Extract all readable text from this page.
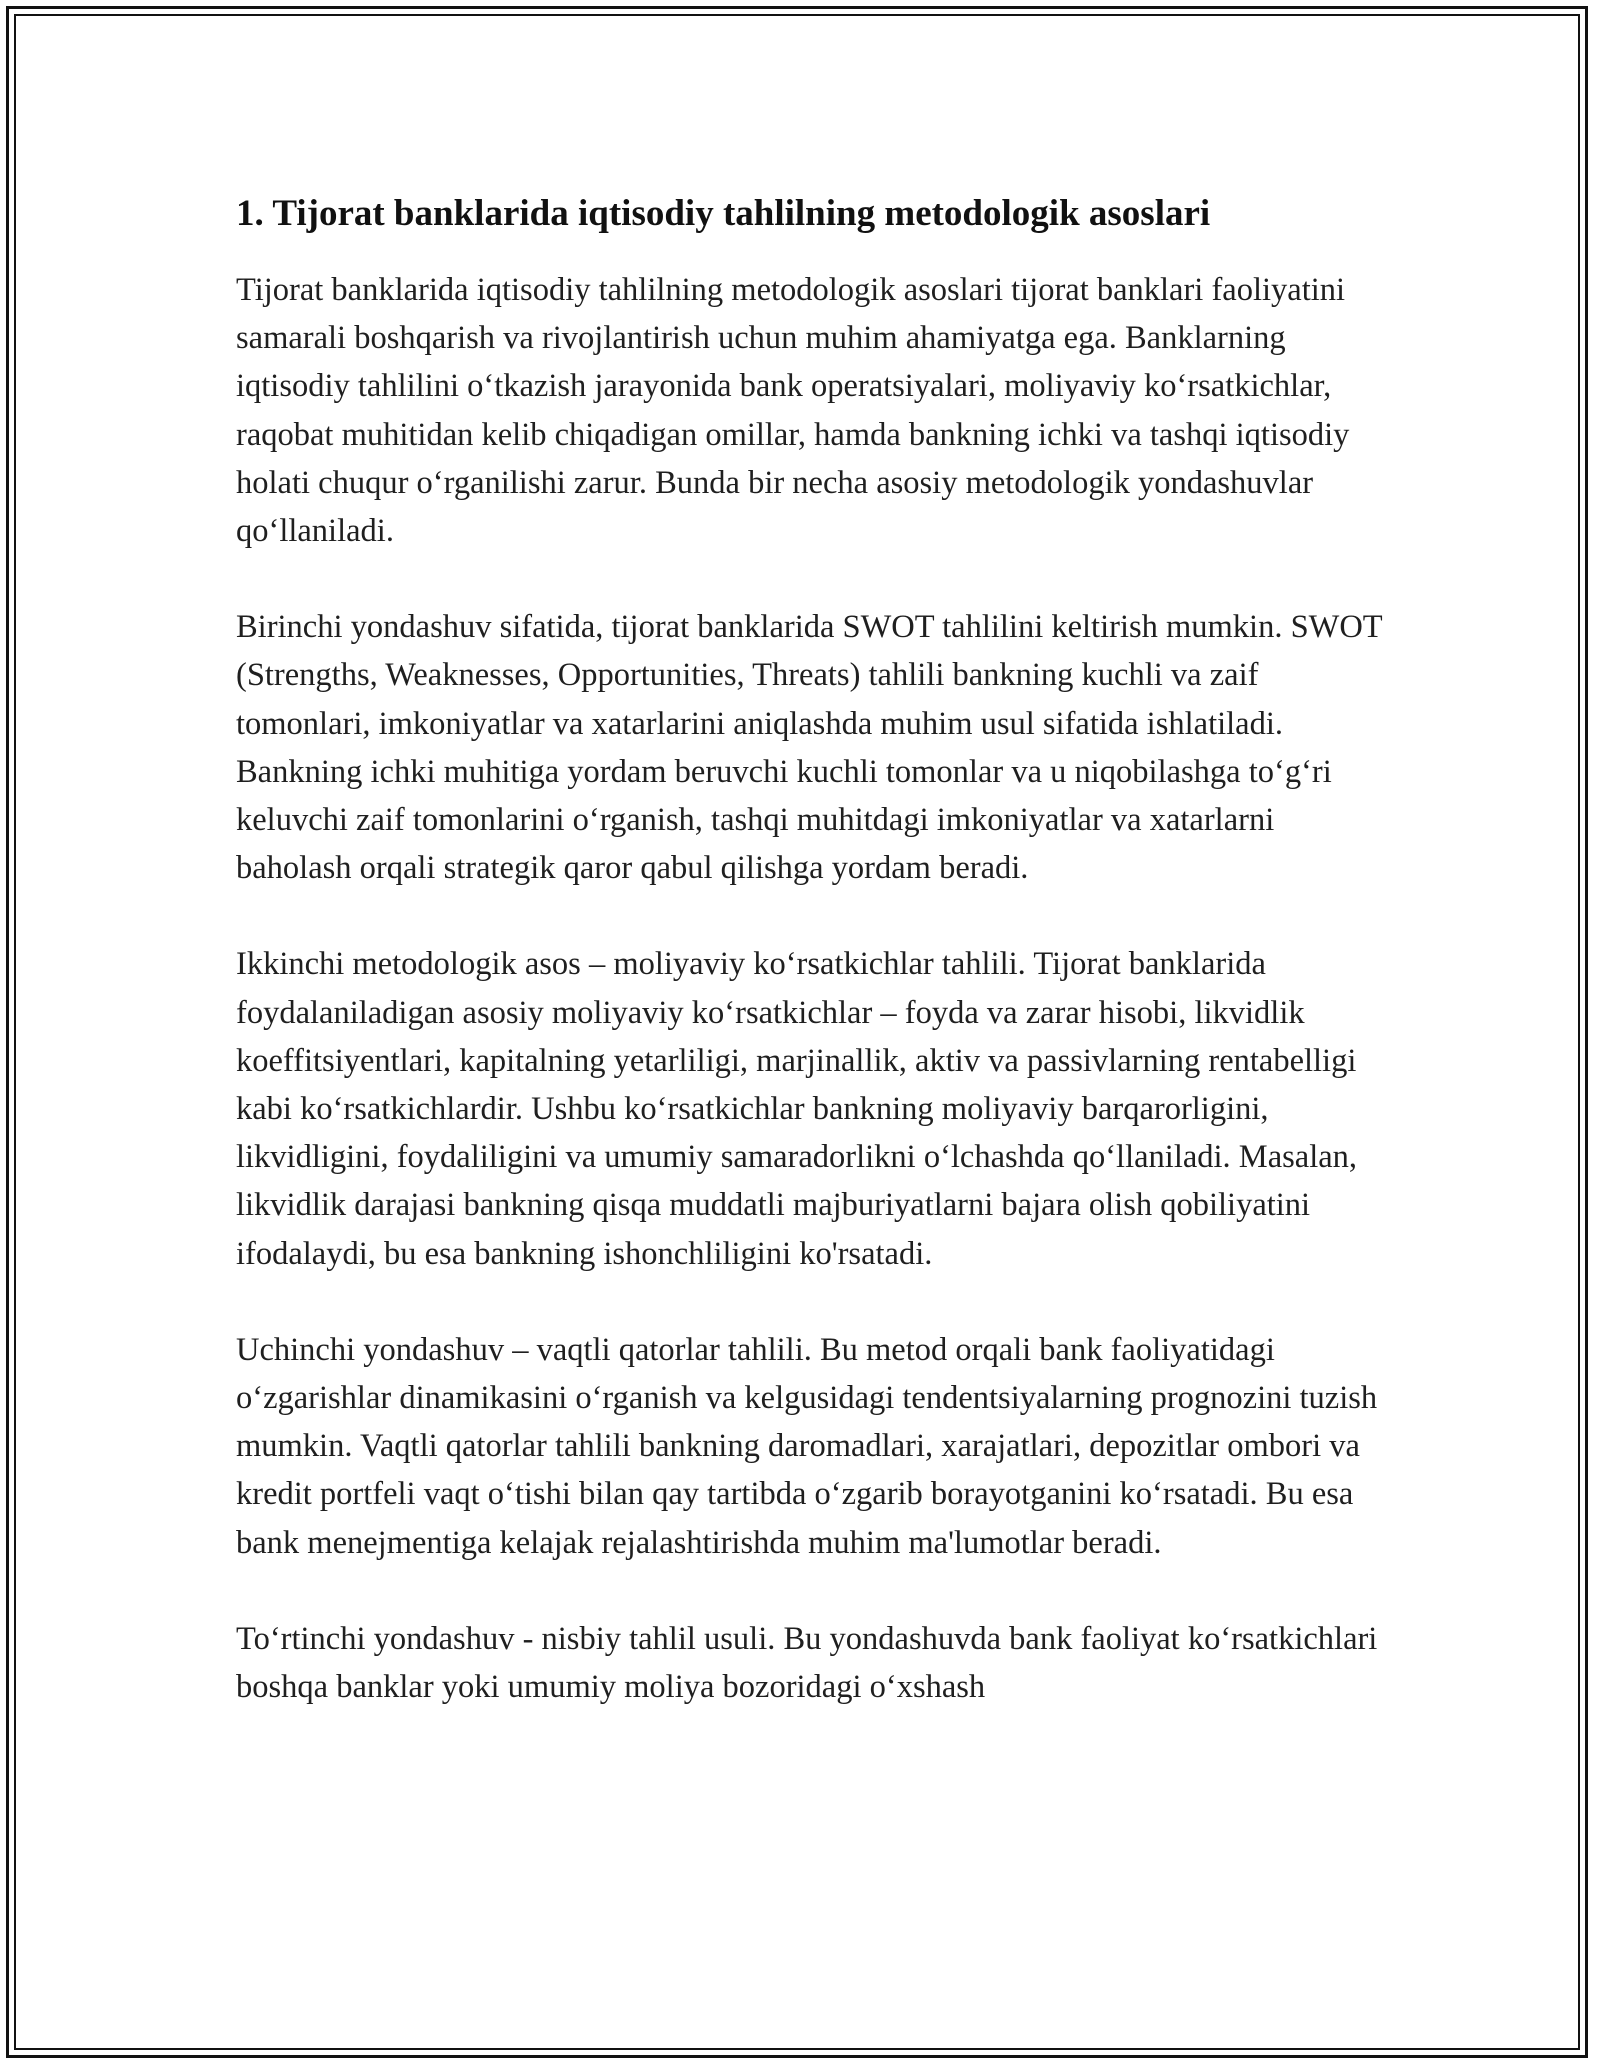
1. Tijorat banklarida iqtisodiy tahlilning metodologik asoslari

Tijorat banklarida iqtisodiy tahlilning metodologik asoslari tijorat banklari faoliyatini samarali boshqarish va rivojlantirish uchun muhim ahamiyatga ega. Banklarning iqtisodiy tahlilini o‘tkazish jarayonida bank operatsiyalari, moliyaviy ko‘rsatkichlar, raqobat muhitidan kelib chiqadigan omillar, hamda bankning ichki va tashqi iqtisodiy holati chuqur o‘rganilishi zarur. Bunda bir necha asosiy metodologik yondashuvlar qo‘llaniladi.

Birinchi yondashuv sifatida, tijorat banklarida SWOT tahlilini keltirish mumkin. SWOT (Strengths, Weaknesses, Opportunities, Threats) tahlili bankning kuchli va zaif tomonlari, imkoniyatlar va xatarlarini aniqlashda muhim usul sifatida ishlatiladi. Bankning ichki muhitiga yordam beruvchi kuchli tomonlar va u niqobilashga to‘g‘ri keluvchi zaif tomonlarini o‘rganish, tashqi muhitdagi imkoniyatlar va xatarlarni baholash orqali strategik qaror qabul qilishga yordam beradi.

Ikkinchi metodologik asos – moliyaviy ko‘rsatkichlar tahlili. Tijorat banklarida foydalaniladigan asosiy moliyaviy ko‘rsatkichlar – foyda va zarar hisobi, likvidlik koeffitsiyentlari, kapitalning yetarliligi, marjinallik, aktiv va passivlarning rentabelligi kabi ko‘rsatkichlardir. Ushbu ko‘rsatkichlar bankning moliyaviy barqarorligini, likvidligini, foydaliligini va umumiy samaradorlikni o‘lchashda qo‘llaniladi. Masalan, likvidlik darajasi bankning qisqa muddatli majburiyatlarni bajara olish qobiliyatini ifodalaydi, bu esa bankning ishonchliligini ko'rsatadi.

Uchinchi yondashuv – vaqtli qatorlar tahlili. Bu metod orqali bank faoliyatidagi o‘zgarishlar dinamikasini o‘rganish va kelgusidagi tendentsiyalarning prognozini tuzish mumkin. Vaqtli qatorlar tahlili bankning daromadlari, xarajatlari, depozitlar ombori va kredit portfeli vaqt o‘tishi bilan qay tartibda o‘zgarib borayotganini ko‘rsatadi. Bu esa bank menejmentiga kelajak rejalashtirishda muhim ma'lumotlar beradi.

To‘rtinchi yondashuv - nisbiy tahlil usuli. Bu yondashuvda bank faoliyat ko‘rsatkichlari boshqa banklar yoki umumiy moliya bozoridagi o‘xshash
